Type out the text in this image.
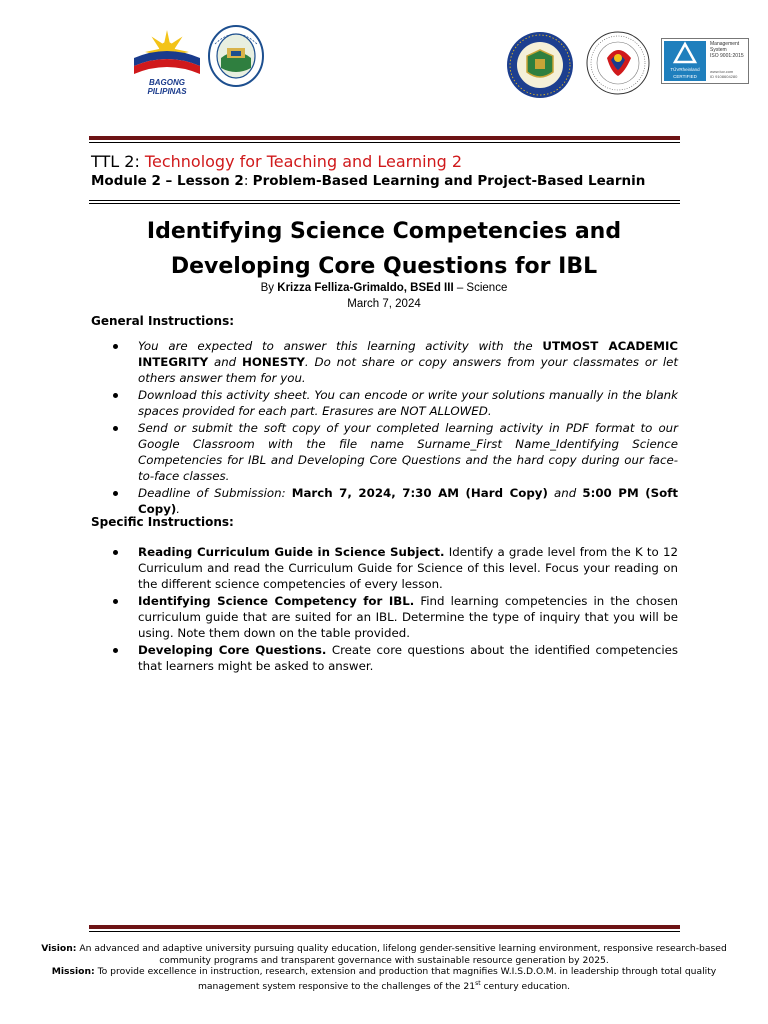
BAGONG PILIPINAS
TÜVRheinland
CERTIFIED
Management
System
ISO 9001:2015
www.tuv.com
ID 9108604280
TTL 2: Technology for Teaching and Learning 2
Module 2 – Lesson 2: Problem-Based Learning and Project-Based Learnin
Identifying Science Competencies and
Developing Core Questions for IBL
By Krizza Felliza-Grimaldo, BSEd III – Science
March 7, 2024
General Instructions:
You are expected to answer this learning activity with the UTMOST ACADEMIC INTEGRITY and HONESTY. Do not share or copy answers from your classmates or let others answer them for you.
Download this activity sheet. You can encode or write your solutions manually in the blank spaces provided for each part. Erasures are NOT ALLOWED.
Send or submit the soft copy of your completed learning activity in PDF format to our Google Classroom with the file name Surname_First Name_Identifying Science Competencies for IBL and Developing Core Questions and the hard copy during our face-to-face classes.
Deadline of Submission: March 7, 2024, 7:30 AM (Hard Copy) and 5:00 PM (Soft Copy).
Specific Instructions:
Reading Curriculum Guide in Science Subject. Identify a grade level from the K to 12 Curriculum and read the Curriculum Guide for Science of this level. Focus your reading on the different science competencies of every lesson.
Identifying Science Competency for IBL. Find learning competencies in the chosen curriculum guide that are suited for an IBL. Determine the type of inquiry that you will be using. Note them down on the table provided.
Developing Core Questions. Create core questions about the identified competencies that learners might be asked to answer.
Vision: An advanced and adaptive university pursuing quality education, lifelong gender-sensitive learning environment, responsive research-based community programs and transparent governance with sustainable resource generation by 2025.
Mission: To provide excellence in instruction, research, extension and production that magnifies W.I.S.D.O.M. in leadership through total quality management system responsive to the challenges of the 21st century education.
